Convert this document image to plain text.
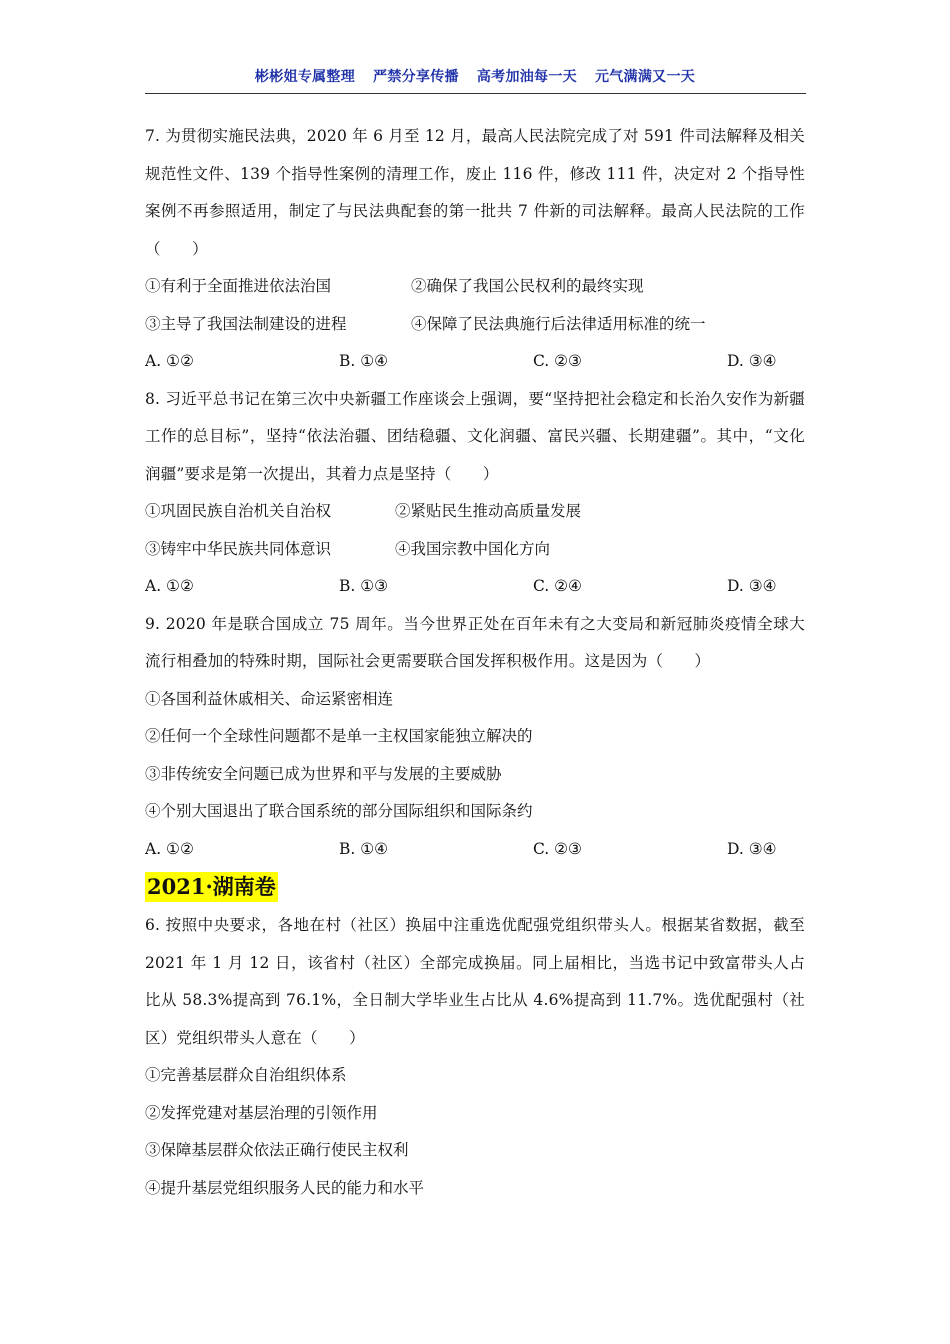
彬彬姐专属整理 严禁分享传播 高考加油每一天 元气满满又一天
7. 为贯彻实施民法典，2020 年 6 月至 12 月，最高人民法院完成了对 591 件司法解释及相关规范性文件、139 个指导性案例的清理工作，废止 116 件，修改 111 件，决定对 2 个指导性案例不再参照适用，制定了与民法典配套的第一批共 7 件新的司法解释。最高人民法院的工作（　　）
①有利于全面推进依法治国	②确保了我国公民权利的最终实现
③主导了我国法制建设的进程	④保障了民法典施行后法律适用标准的统一
A. ①②	B. ①④	C. ②③	D. ③④
8. 习近平总书记在第三次中央新疆工作座谈会上强调，要“坚持把社会稳定和长治久安作为新疆工作的总目标”，坚持“依法治疆、团结稳疆、文化润疆、富民兴疆、长期建疆”。其中，“文化润疆”要求是第一次提出，其着力点是坚持（　　）
①巩固民族自治机关自治权	②紧贴民生推动高质量发展
③铸牢中华民族共同体意识	④我国宗教中国化方向
A. ①②	B. ①③	C. ②④	D. ③④
9. 2020 年是联合国成立 75 周年。当今世界正处在百年未有之大变局和新冠肺炎疫情全球大流行相叠加的特殊时期，国际社会更需要联合国发挥积极作用。这是因为（　　）
①各国利益休戚相关、命运紧密相连
②任何一个全球性问题都不是单一主权国家能独立解决的
③非传统安全问题已成为世界和平与发展的主要威胁
④个别大国退出了联合国系统的部分国际组织和国际条约
A. ①②	B. ①④	C. ②③	D. ③④
2021·湖南卷
6. 按照中央要求，各地在村（社区）换届中注重选优配强党组织带头人。根据某省数据，截至 2021 年 1 月 12 日，该省村（社区）全部完成换届。同上届相比，当选书记中致富带头人占比从 58.3%提高到 76.1%，全日制大学毕业生占比从 4.6%提高到 11.7%。选优配强村（社区）党组织带头人意在（　　）
①完善基层群众自治组织体系
②发挥党建对基层治理的引领作用
③保障基层群众依法正确行使民主权利
④提升基层党组织服务人民的能力和水平
